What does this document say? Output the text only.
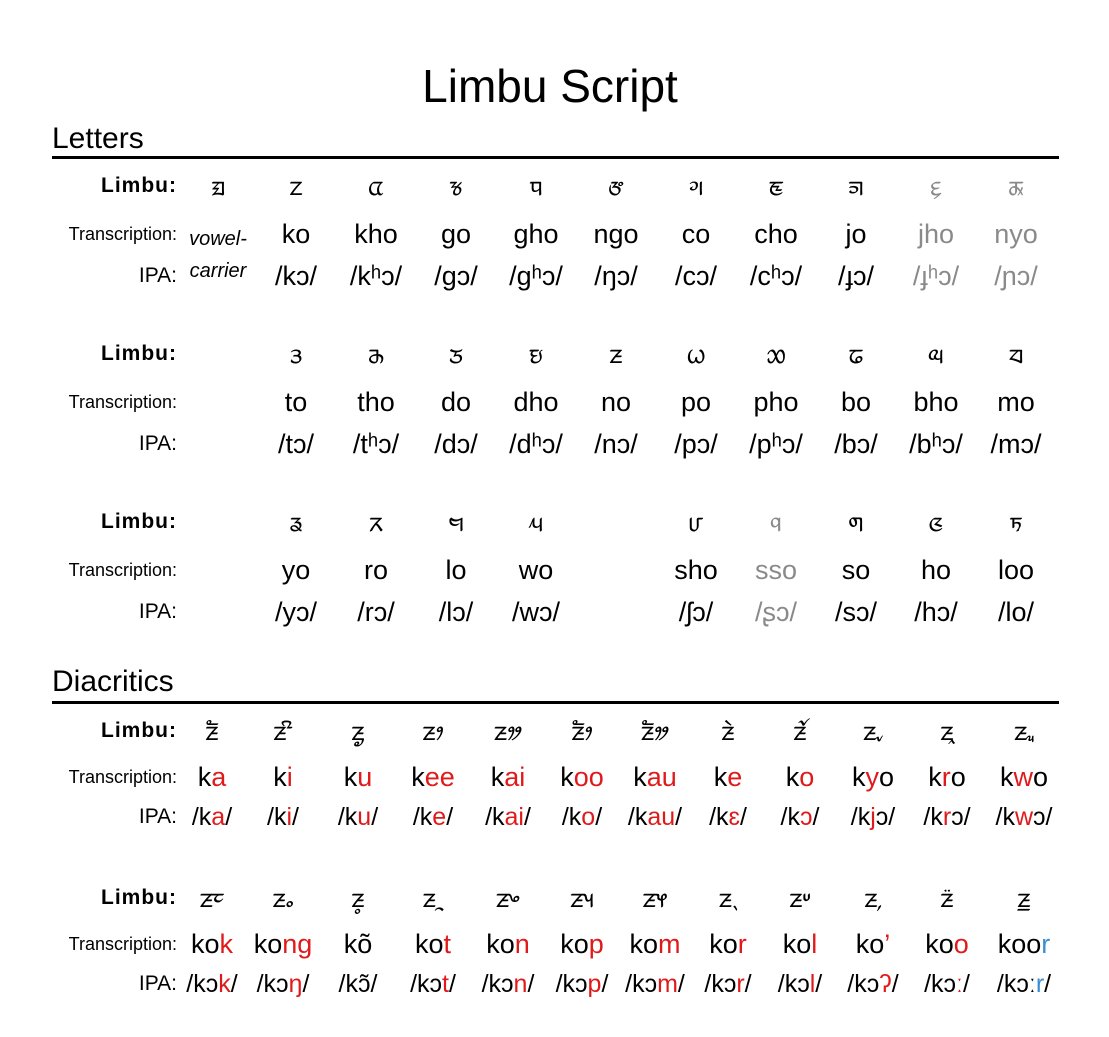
Limbu Script
Letters
Diacritics
Limbu:
Transcription:
IPA:
ᤀ
vowel-
carrier
ᤁ
ko
/kɔ/
ᤂ
kho
/kʰɔ/
ᤃ
go
/gɔ/
ᤄ
gho
/gʰɔ/
ᤅ
ngo
/ŋɔ/
ᤆ
co
/cɔ/
ᤇ
cho
/cʰɔ/
ᤈ
jo
/ɟɔ/
ᤉ
jho
/ɟʰɔ/
ᤊ
nyo
/ɲɔ/
Limbu:
Transcription:
IPA:
ᤋ
to
/tɔ/
ᤌ
tho
/tʰɔ/
ᤍ
do
/dɔ/
ᤎ
dho
/dʰɔ/
ᤏ
no
/nɔ/
ᤐ
po
/pɔ/
ᤑ
pho
/pʰɔ/
ᤒ
bo
/bɔ/
ᤓ
bho
/bʰɔ/
ᤔ
mo
/mɔ/
Limbu:
Transcription:
IPA:
ᤕ
yo
/yɔ/
ᤖ
ro
/rɔ/
ᤗ
lo
/lɔ/
ᤘ
wo
/wɔ/
ᤙ
sho
/ʃɔ/
ᤚ
sso
/ʂɔ/
ᤛ
so
/sɔ/
ᤜ
ho
/hɔ/
ᤝ
loo
/lo/
Limbu:
Transcription:
IPA:
ᤏ
ka
/ka/
ᤏ
ki
/ki/
ᤏ
ku
/ku/
ᤏ
kee
/ke/
ᤏ
kai
/kai/
ᤏ
koo
/ko/
ᤏ
kau
/kau/
ᤏ
ke
/kɛ/
ᤏ
ko
/kɔ/
ᤏ
kyo
/kjɔ/
ᤏ
kro
/krɔ/
ᤏ
kwo
/kwɔ/
Limbu:
Transcription:
IPA:
ᤏ
kok
/kɔk/
ᤏ
kong
/kɔŋ/
ᤏ
kõ
/kɔ̃/
ᤏ
kot
/kɔt/
ᤏ
kon
/kɔn/
ᤏ
kop
/kɔp/
ᤏ
kom
/kɔm/
ᤏ
kor
/kɔr/
ᤏ
kol
/kɔl/
ᤏ
ko’
/kɔʔ/
ᤏ
koo
/kɔː/
ᤏ
koor
/kɔːr/
